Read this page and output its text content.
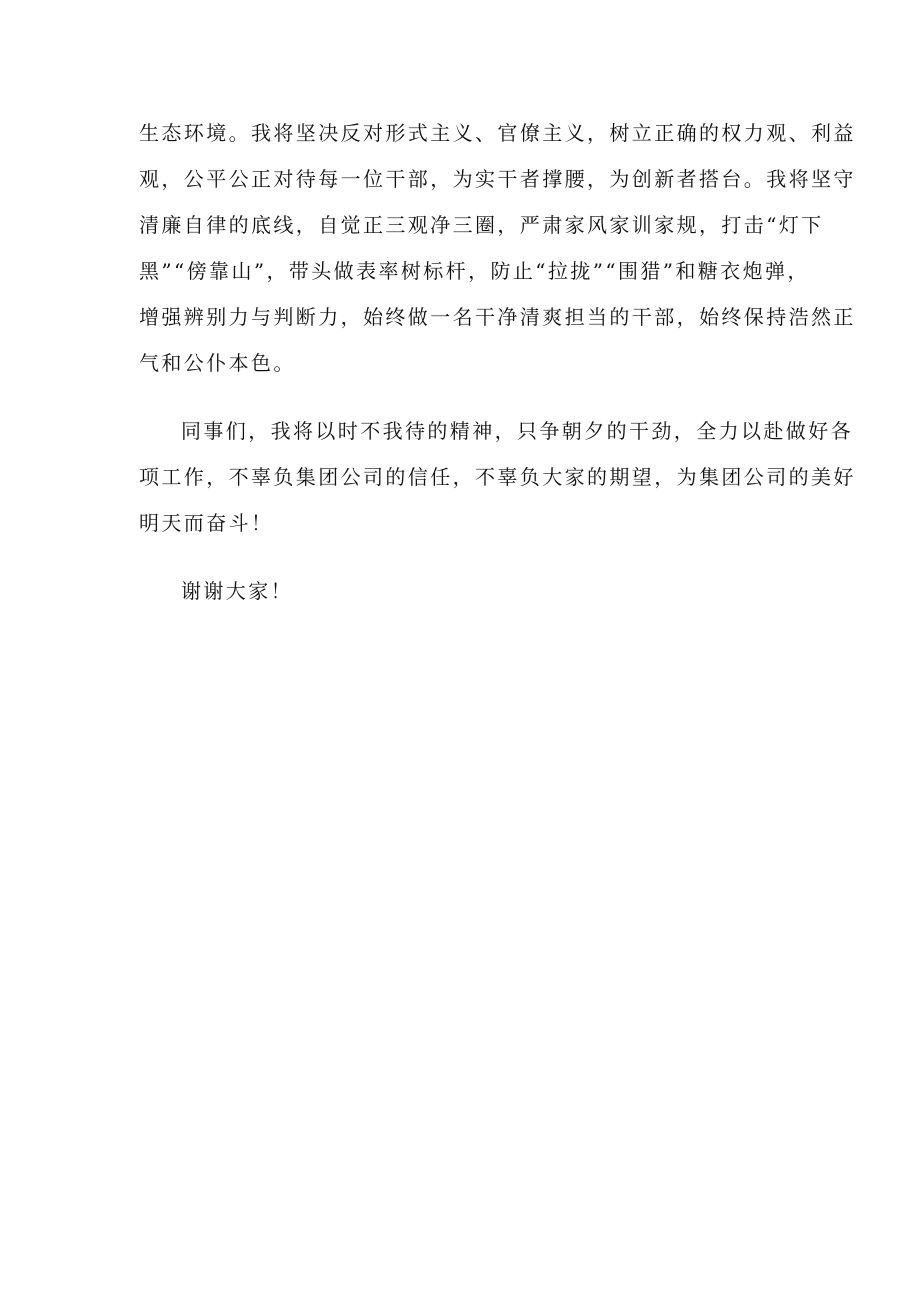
生态环境。我将坚决反对形式主义、官僚主义，树立正确的权力观、利益
观，公平公正对待每一位干部，为实干者撑腰，为创新者搭台。我将坚守
清廉自律的底线，自觉正三观净三圈，严肃家风家训家规，打击“灯下
黑”“傍靠山”，带头做表率树标杆，防止“拉拢”“围猎”和糖衣炮弹，
增强辨别力与判断力，始终做一名干净清爽担当的干部，始终保持浩然正
气和公仆本色。
同事们，我将以时不我待的精神，只争朝夕的干劲，全力以赴做好各
项工作，不辜负集团公司的信任，不辜负大家的期望，为集团公司的美好
明天而奋斗！
谢谢大家！
